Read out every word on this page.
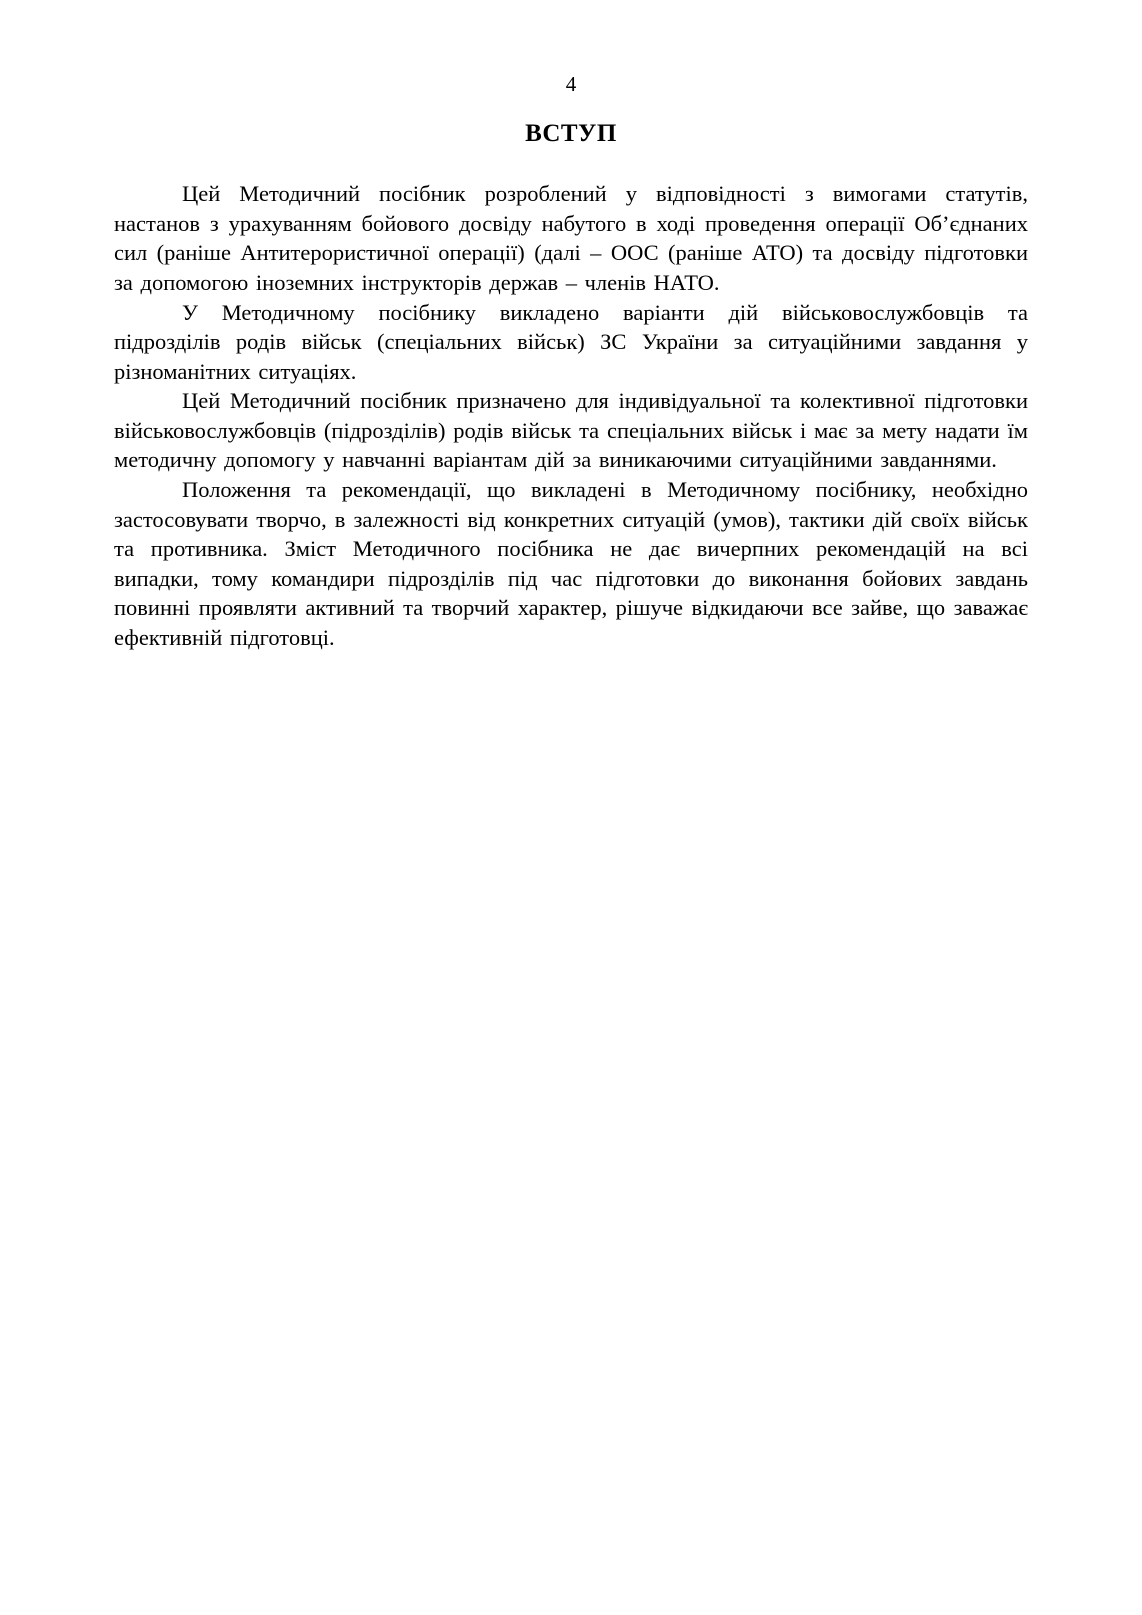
4
ВСТУП

Цей Методичний посібник розроблений у відповідності з вимогами статутів, настанов з урахуванням бойового досвіду набутого в ході проведення операції Об’єднаних сил (раніше Антитерористичної операції) (далі – ООС (раніше АТО) та досвіду підготовки за допомогою іноземних інструкторів держав – членів НАТО.

У Методичному посібнику викладено варіанти дій військовослужбовців та підрозділів родів військ (спеціальних військ) ЗС України за ситуаційними завдання у різноманітних ситуаціях.

Цей Методичний посібник призначено для індивідуальної та колективної підготовки військовослужбовців (підрозділів) родів військ та спеціальних військ і має за мету надати їм методичну допомогу у навчанні варіантам дій за виникаючими ситуаційними завданнями.

Положення та рекомендації, що викладені в Методичному посібнику, необхідно застосовувати творчо, в залежності від конкретних ситуацій (умов), тактики дій своїх військ та противника. Зміст Методичного посібника не дає вичерпних рекомендацій на всі випадки, тому командири підрозділів під час підготовки до виконання бойових завдань повинні проявляти активний та творчий характер, рішуче відкидаючи все зайве, що заважає ефективній підготовці.
